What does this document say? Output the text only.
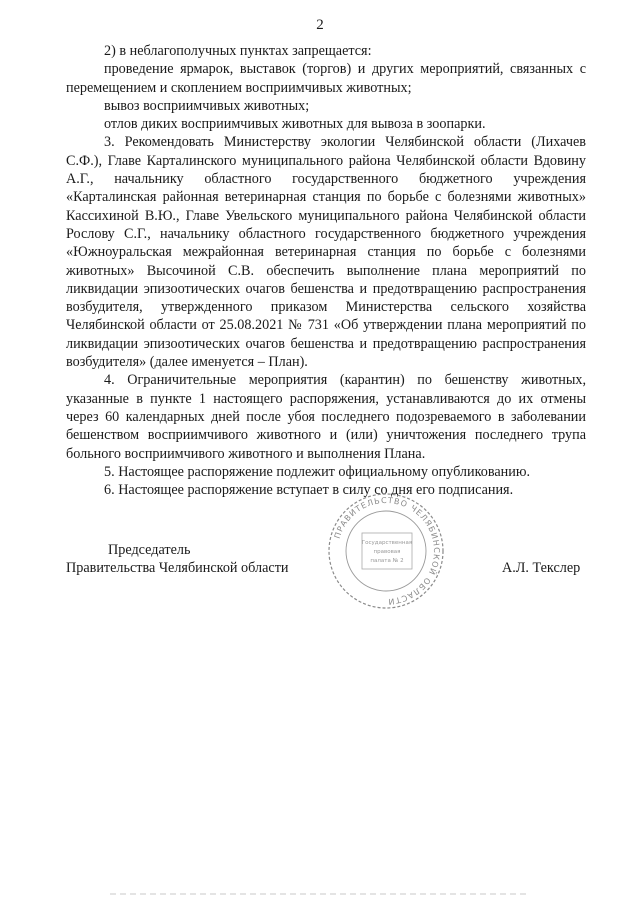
2

2) в неблагополучных пунктах запрещается:

проведение ярмарок, выставок (торгов) и других мероприятий, связанных с перемещением и скоплением восприимчивых животных;

вывоз восприимчивых животных;

отлов диких восприимчивых животных для вывоза в зоопарки.

3. Рекомендовать Министерству экологии Челябинской области (Лихачев С.Ф.), Главе Карталинского муниципального района Челябинской области Вдовину А.Г., начальнику областного государственного бюджетного учреждения «Карталинская районная ветеринарная станция по борьбе с болезнями животных» Кассихиной В.Ю., Главе Увельского муниципального района Челябинской области Рослову С.Г., начальнику областного государственного бюджетного учреждения «Южноуральская межрайонная ветеринарная станция по борьбе с болезнями животных» Высочиной С.В. обеспечить выполнение плана мероприятий по ликвидации эпизоотических очагов бешенства и предотвращению распространения возбудителя, утвержденного приказом Министерства сельского хозяйства Челябинской области от 25.08.2021 № 731 «Об утверждении плана мероприятий по ликвидации эпизоотических очагов бешенства и предотвращению распространения возбудителя» (далее именуется – План).

4. Ограничительные мероприятия (карантин) по бешенству животных, указанные в пункте 1 настоящего распоряжения, устанавливаются до их отмены через 60 календарных дней после убоя последнего подозреваемого в заболевании бешенством восприимчивого животного и (или) уничтожения последнего трупа больного восприимчивого животного и выполнения Плана.

5. Настоящее распоряжение подлежит официальному опубликованию.

6. Настоящее распоряжение вступает в силу со дня его подписания.

ПРАВИТЕЛЬСТВО ЧЕЛЯБИНСКОЙ ОБЛАСТИ
Государственная
правовая
палата № 2
Председатель
Правительства Челябинской области	А.Л. Текслер
